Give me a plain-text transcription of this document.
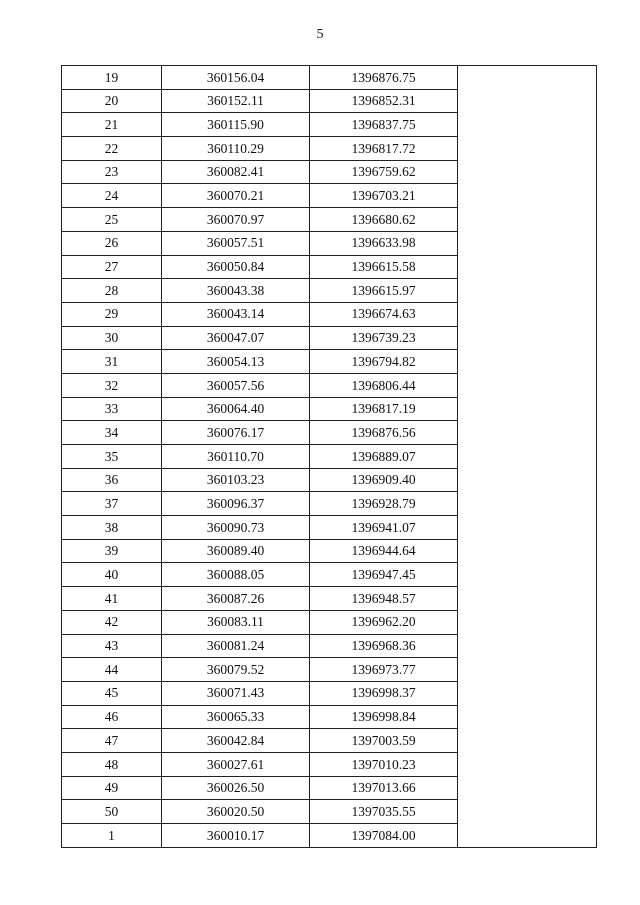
5
19	360156.04	1396876.75	
20	360152.11	1396852.31	
21	360115.90	1396837.75	
22	360110.29	1396817.72	
23	360082.41	1396759.62	
24	360070.21	1396703.21	
25	360070.97	1396680.62	
26	360057.51	1396633.98	
27	360050.84	1396615.58	
28	360043.38	1396615.97	
29	360043.14	1396674.63	
30	360047.07	1396739.23	
31	360054.13	1396794.82	
32	360057.56	1396806.44	
33	360064.40	1396817.19	
34	360076.17	1396876.56	
35	360110.70	1396889.07	
36	360103.23	1396909.40	
37	360096.37	1396928.79	
38	360090.73	1396941.07	
39	360089.40	1396944.64	
40	360088.05	1396947.45	
41	360087.26	1396948.57	
42	360083.11	1396962.20	
43	360081.24	1396968.36	
44	360079.52	1396973.77	
45	360071.43	1396998.37	
46	360065.33	1396998.84	
47	360042.84	1397003.59	
48	360027.61	1397010.23	
49	360026.50	1397013.66	
50	360020.50	1397035.55	
1	360010.17	1397084.00	
